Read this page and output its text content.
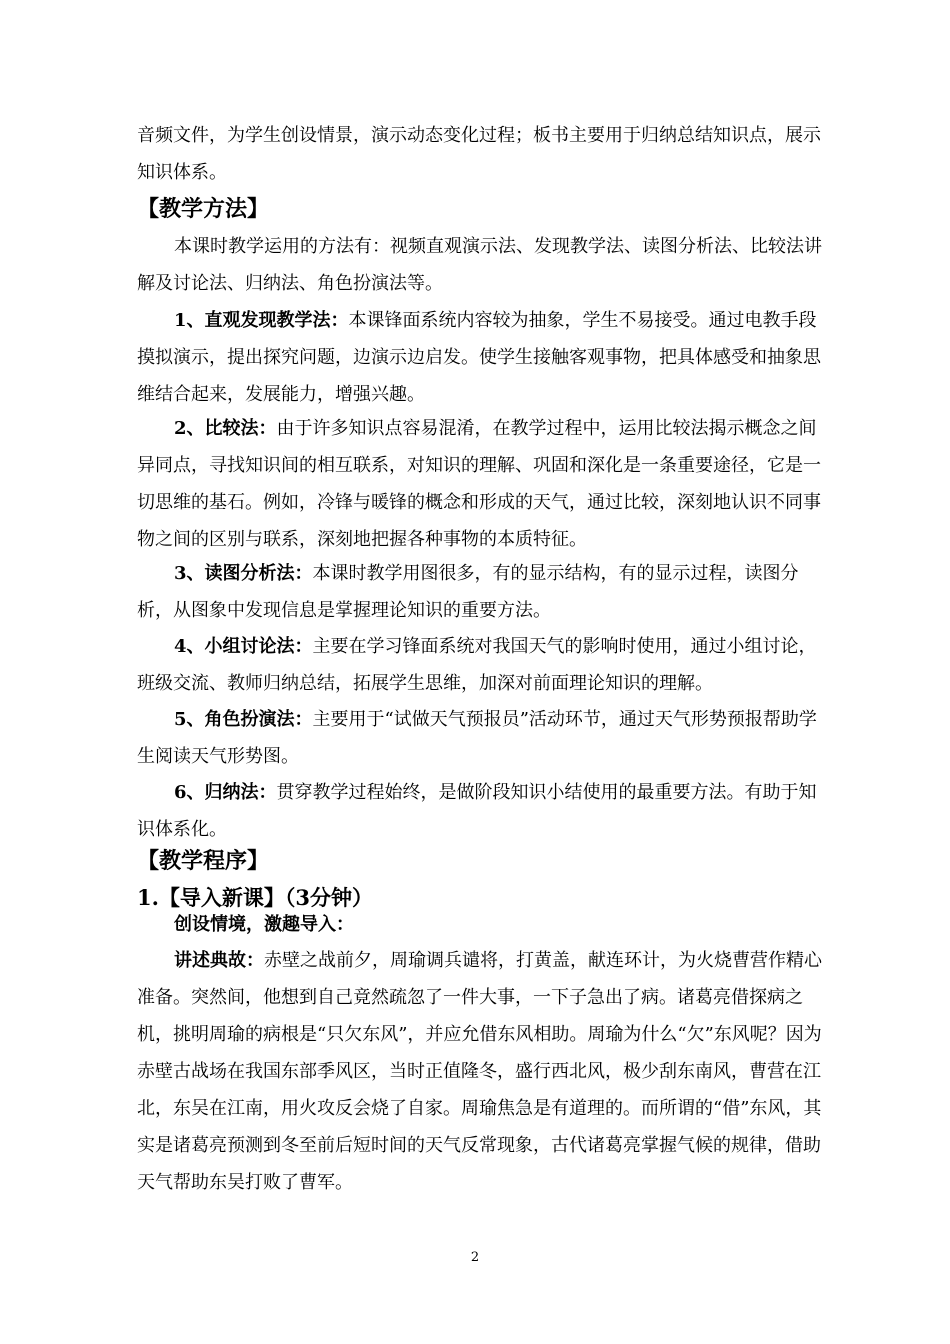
音频文件，为学生创设情景，演示动态变化过程；板书主要用于归纳总结知识点，展示知识体系。

【教学方法】

本课时教学运用的方法有：视频直观演示法、发现教学法、读图分析法、比较法讲解及讨论法、归纳法、角色扮演法等。

1、直观发现教学法：本课锋面系统内容较为抽象，学生不易接受。通过电教手段摸拟演示，提出探究问题，边演示边启发。使学生接触客观事物，把具体感受和抽象思维结合起来，发展能力，增强兴趣。

2、比较法：由于许多知识点容易混淆，在教学过程中，运用比较法揭示概念之间异同点，寻找知识间的相互联系，对知识的理解、巩固和深化是一条重要途径，它是一切思维的基石。例如，冷锋与暖锋的概念和形成的天气，通过比较，深刻地认识不同事物之间的区别与联系，深刻地把握各种事物的本质特征。

3、读图分析法：本课时教学用图很多，有的显示结构，有的显示过程，读图分析，从图象中发现信息是掌握理论知识的重要方法。

4、小组讨论法：主要在学习锋面系统对我国天气的影响时使用，通过小组讨论，班级交流、教师归纳总结，拓展学生思维，加深对前面理论知识的理解。

5、角色扮演法：主要用于“试做天气预报员”活动环节，通过天气形势预报帮助学生阅读天气形势图。

6、归纳法：贯穿教学过程始终，是做阶段知识小结使用的最重要方法。有助于知识体系化。

【教学程序】
1.【导入新课】（3分钟）

创设情境，激趣导入：

讲述典故：赤壁之战前夕，周瑜调兵谴将，打黄盖，献连环计，为火烧曹营作精心准备。突然间，他想到自己竟然疏忽了一件大事，一下子急出了病。诸葛亮借探病之机，挑明周瑜的病根是“只欠东风”，并应允借东风相助。周瑜为什么“欠”东风呢？因为赤壁古战场在我国东部季风区，当时正值隆冬，盛行西北风，极少刮东南风，曹营在江北，东吴在江南，用火攻反会烧了自家。周瑜焦急是有道理的。而所谓的“借”东风，其实是诸葛亮预测到冬至前后短时间的天气反常现象，古代诸葛亮掌握气候的规律，借助天气帮助东吴打败了曹军。

2
